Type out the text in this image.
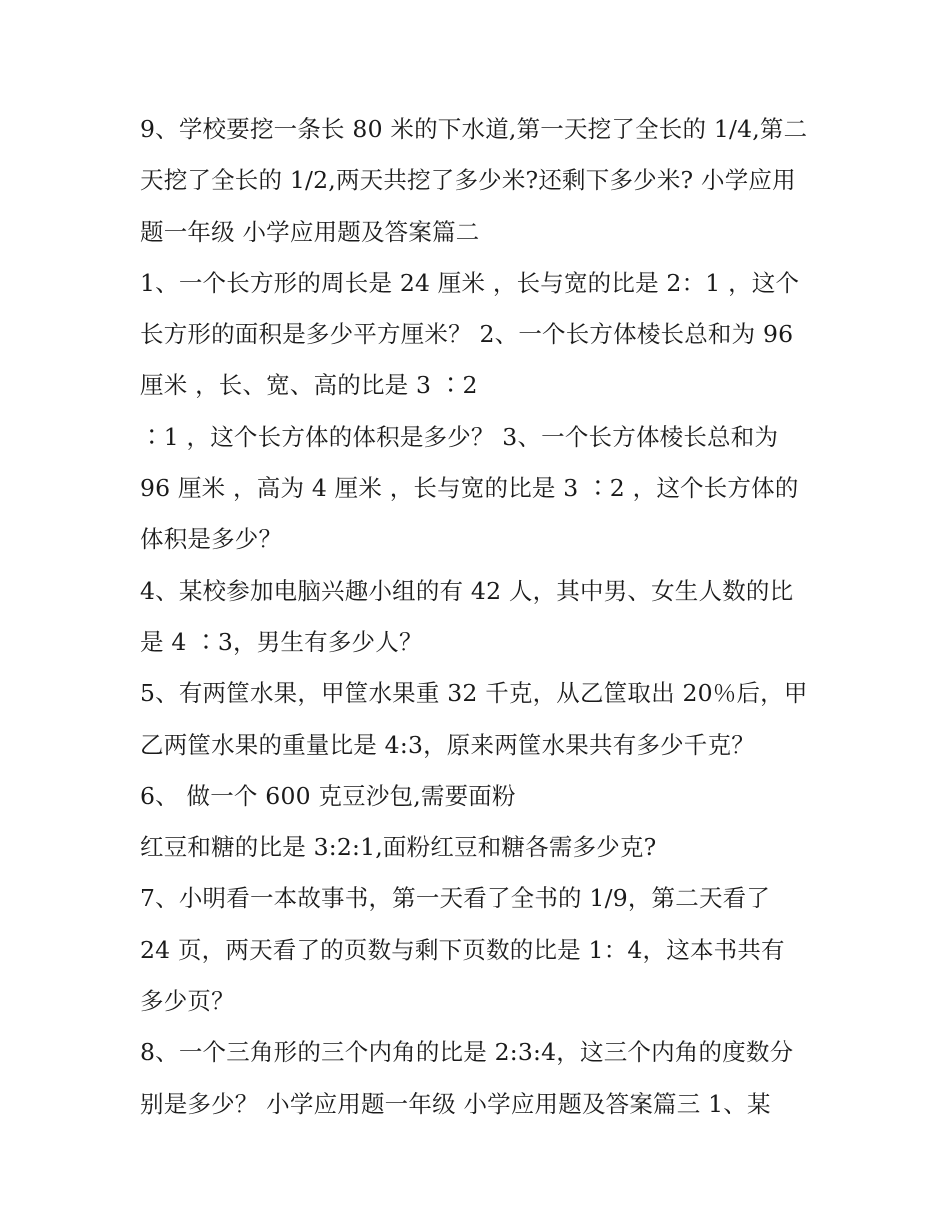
9、学校要挖一条长 80 米的下水道,第一天挖了全长的 1/4,第二
天挖了全长的 1/2,两天共挖了多少米?还剩下多少米? 小学应用
题一年级 小学应用题及答案篇二
1、一个长方形的周长是 24 厘米 ，长与宽的比是 2：1 ，这个
长方形的面积是多少平方厘米？ 2、一个长方体棱长总和为 96
厘米 ，长、宽、高的比是 3 ∶2
∶1 ，这个长方体的体积是多少？ 3、一个长方体棱长总和为
96 厘米 ，高为 4 厘米 ，长与宽的比是 3 ∶2 ，这个长方体的
体积是多少？
4、某校参加电脑兴趣小组的有 42 人，其中男、女生人数的比
是 4 ∶3，男生有多少人？
5、有两筐水果，甲筐水果重 32 千克，从乙筐取出 20％后，甲
乙两筐水果的重量比是 4:3，原来两筐水果共有多少千克？
6、 做一个 600 克豆沙包,需要面粉
红豆和糖的比是 3:2:1,面粉红豆和糖各需多少克?
7、小明看一本故事书，第一天看了全书的 1/9，第二天看了
24 页，两天看了的页数与剩下页数的比是 1：4，这本书共有
多少页？
8、一个三角形的三个内角的比是 2:3:4，这三个内角的度数分
别是多少？ 小学应用题一年级 小学应用题及答案篇三 1、某
